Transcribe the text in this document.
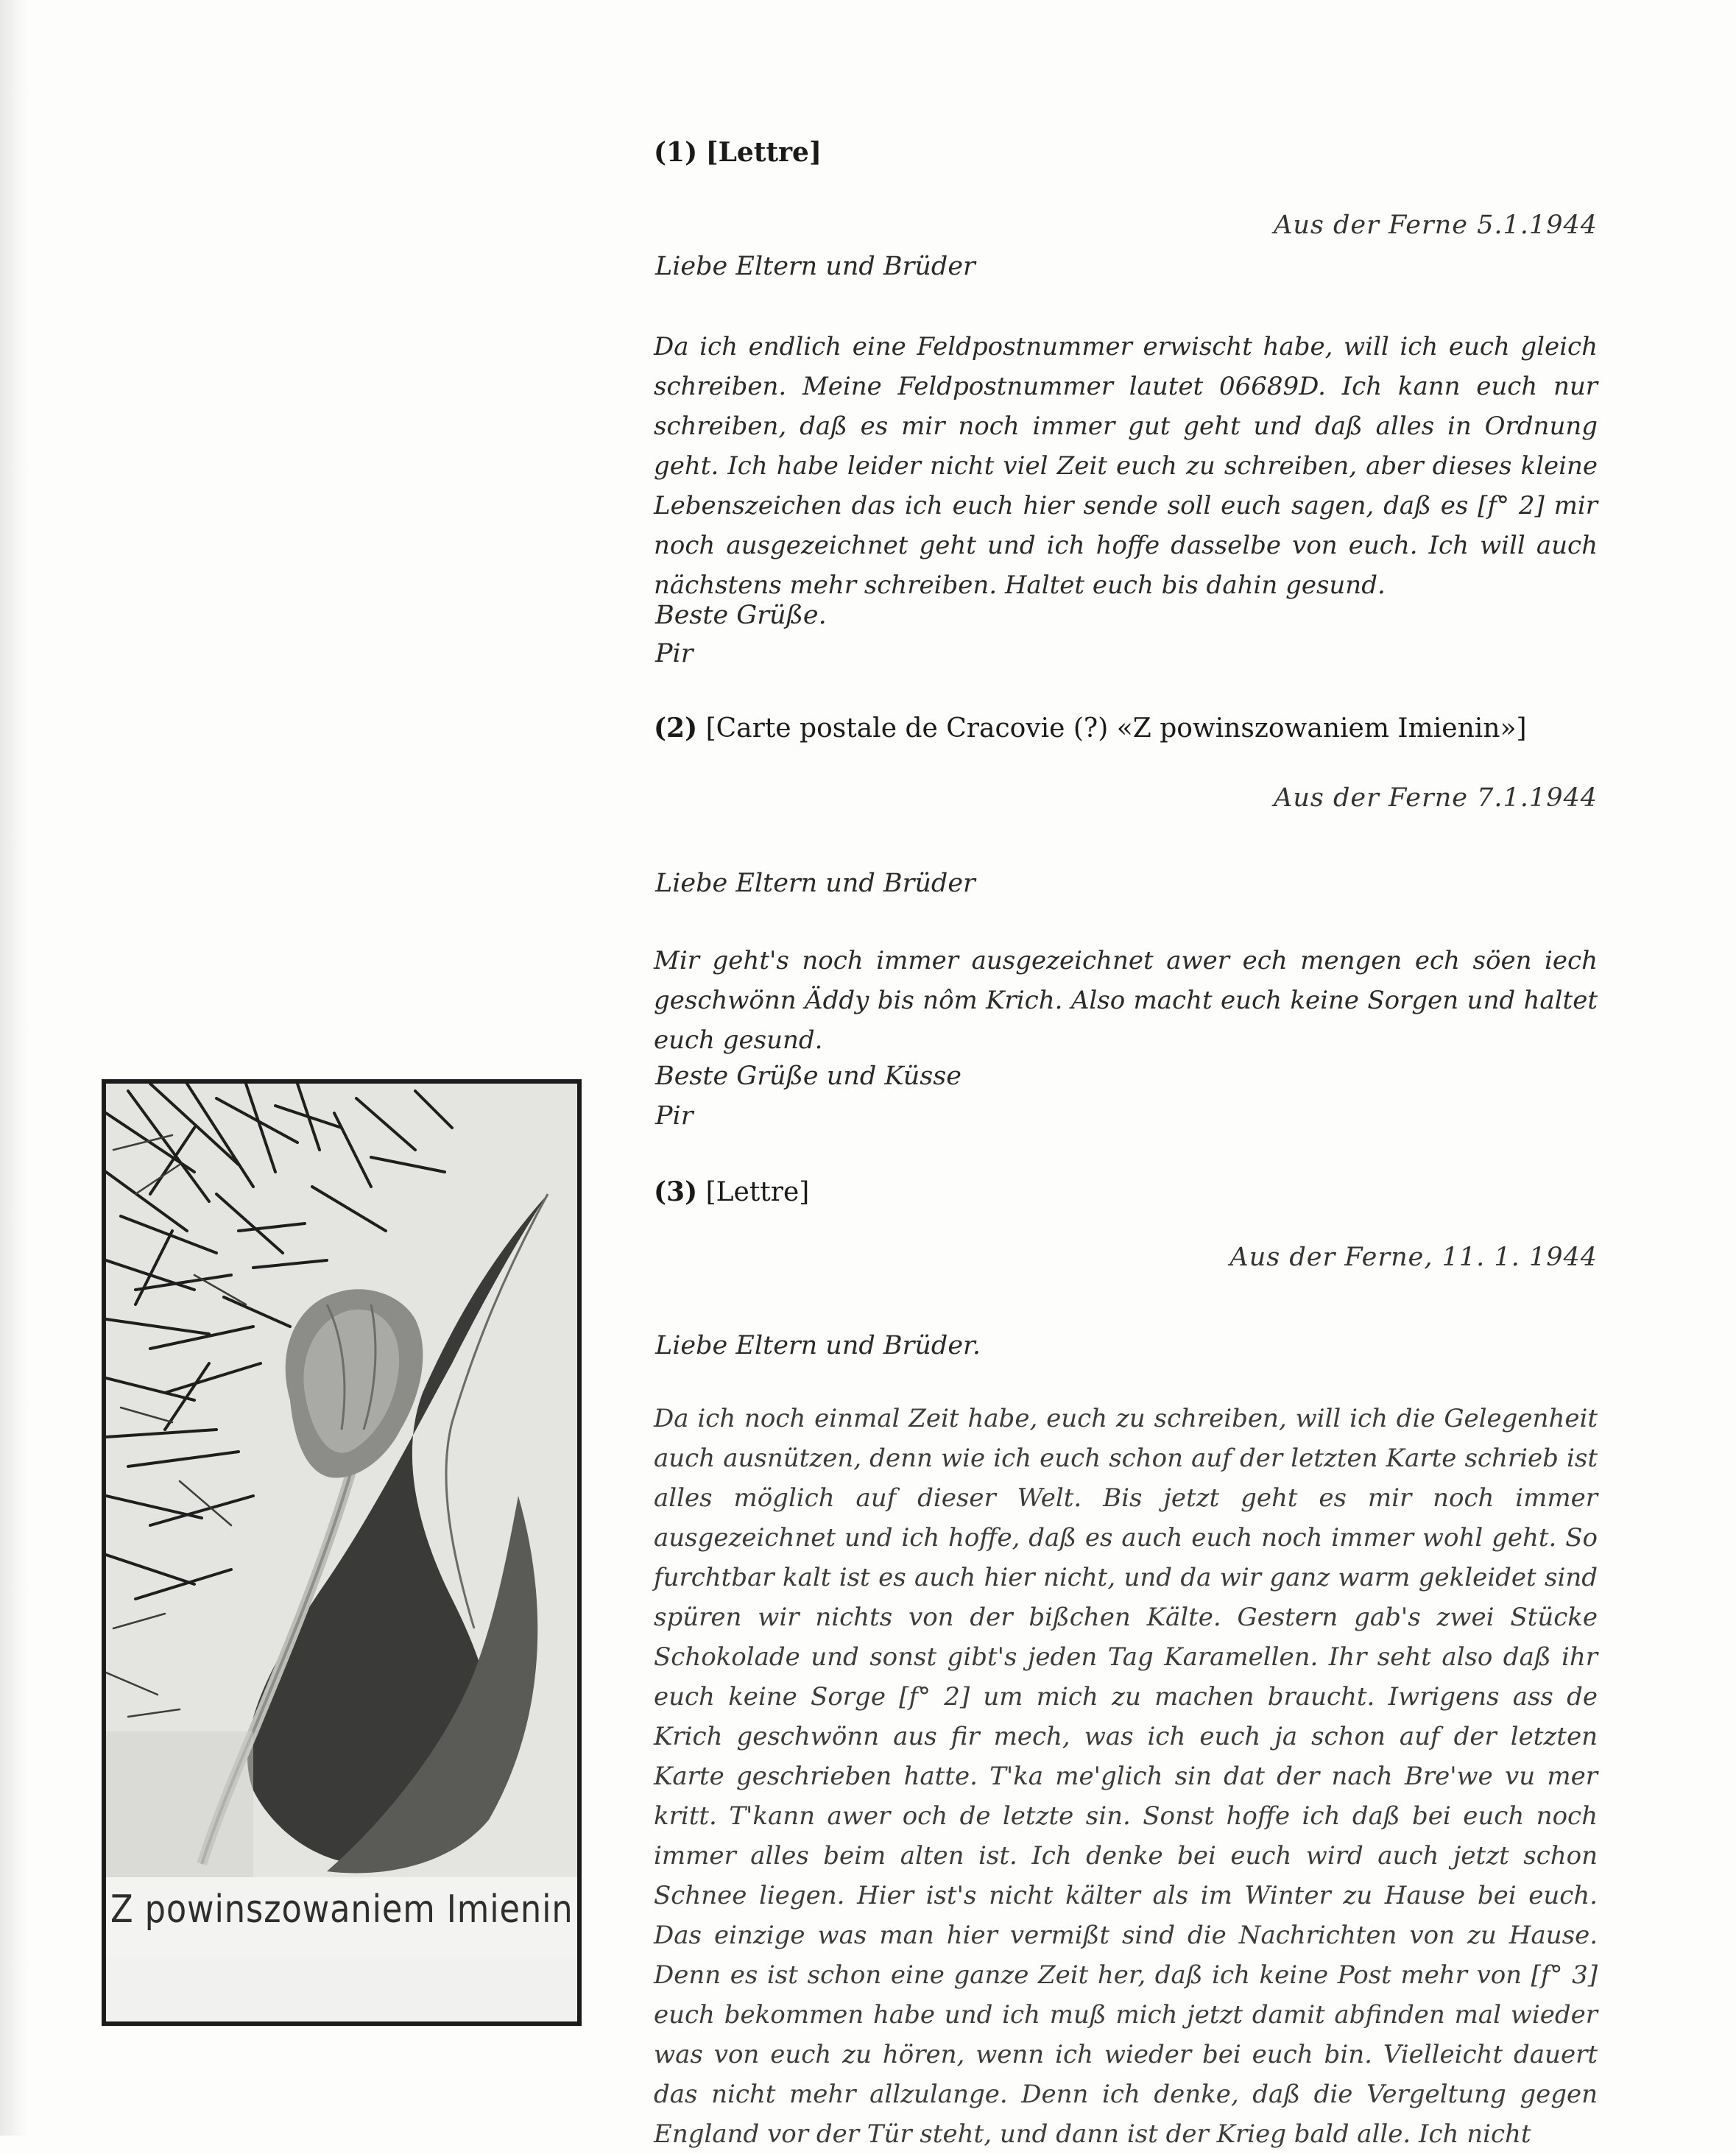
(1) [Lettre]
Aus der Ferne 5.1.1944
Liebe Eltern und Brüder
Da ich endlich eine Feldpostnummer erwischt habe, will ich euch gleich schreiben. Meine Feldpostnummer lautet 06689D. Ich kann euch nur schreiben, daß es mir noch immer gut geht und daß alles in Ordnung geht. Ich habe leider nicht viel Zeit euch zu schreiben, aber dieses kleine Lebenszeichen das ich euch hier sende soll euch sagen, daß es [f° 2] mir noch ausgezeichnet geht und ich hoffe dasselbe von euch. Ich will auch nächstens mehr schreiben. Haltet euch bis dahin gesund.
Beste Grüße.
Pir
(2) [Carte postale de Cracovie (?) «Z powinszowaniem Imienin»]
Aus der Ferne 7.1.1944
Liebe Eltern und Brüder
Mir geht's noch immer ausgezeichnet awer ech mengen ech söen iech geschwönn Äddy bis nôm Krich. Also macht euch keine Sorgen und haltet euch gesund.
Beste Grüße und Küsse
Pir
(3) [Lettre]
Aus der Ferne, 11. 1. 1944
Liebe Eltern und Brüder.
Da ich noch einmal Zeit habe, euch zu schreiben, will ich die Gelegenheit auch ausnützen, denn wie ich euch schon auf der letzten Karte schrieb ist alles möglich auf dieser Welt. Bis jetzt geht es mir noch immer ausgezeichnet und ich hoffe, daß es auch euch noch immer wohl geht. So furchtbar kalt ist es auch hier nicht, und da wir ganz warm gekleidet sind spüren wir nichts von der bißchen Kälte. Gestern gab's zwei Stücke Schokolade und sonst gibt's jeden Tag Karamellen. Ihr seht also daß ihr euch keine Sorge [f° 2] um mich zu machen braucht. Iwrigens ass de Krich geschwönn aus fir mech, was ich euch ja schon auf der letzten Karte geschrieben hatte. T'ka me'glich sin dat der nach Bre'we vu mer kritt. T'kann awer och de letzte sin. Sonst hoffe ich daß bei euch noch immer alles beim alten ist. Ich denke bei euch wird auch jetzt schon Schnee liegen. Hier ist's nicht kälter als im Winter zu Hause bei euch. Das einzige was man hier vermißt sind die Nachrichten von zu Hause. Denn es ist schon eine ganze Zeit her, daß ich keine Post mehr von [f° 3] euch bekommen habe und ich muß mich jetzt damit abfinden mal wieder was von euch zu hören, wenn ich wieder bei euch bin. Vielleicht dauert das nicht mehr allzulange. Denn ich denke, daß die Vergeltung gegen England vor der Tür steht, und dann ist der Krieg bald alle. Ich nicht
Z powinszowaniem Imienin
